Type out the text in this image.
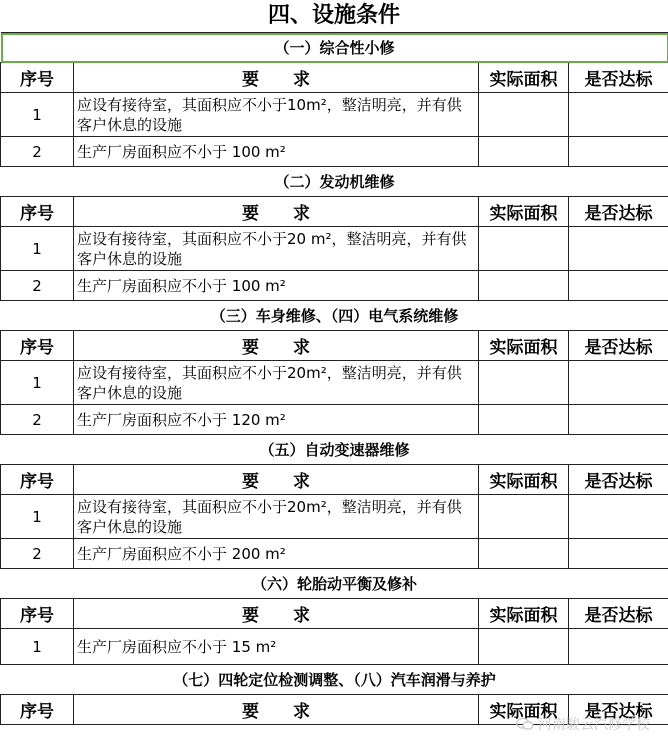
四、设施条件
（一）综合性小修			
序号	要　　求	实际面积	是否达标
1	应设有接待室，其面积应不小于10m²，整洁明亮，并有供客户休息的设施		
2	生产厂房面积应不小于 100 m²		
（二）发动机维修			
序号	要　　求	实际面积	是否达标
1	应设有接待室，其面积应不小于20 m²，整洁明亮，并有供客户休息的设施		
2	生产厂房面积应不小于 100 m²		
（三）车身维修、（四）电气系统维修			
序号	要　　求	实际面积	是否达标
1	应设有接待室，其面积应不小于20m²，整洁明亮，并有供客户休息的设施		
2	生产厂房面积应不小于 120 m²		
（五）自动变速器维修			
序号	要　　求	实际面积	是否达标
1	应设有接待室，其面积应不小于20m²，整洁明亮，并有供客户休息的设施		
2	生产厂房面积应不小于 200 m²		
（六）轮胎动平衡及修补			
序号	要　　求	实际面积	是否达标
1	生产厂房面积应不小于 15 m²		
（七）四轮定位检测调整、（八）汽车润滑与养护			
序号	要　　求	实际面积	是否达标
河南駿云汽修学校
